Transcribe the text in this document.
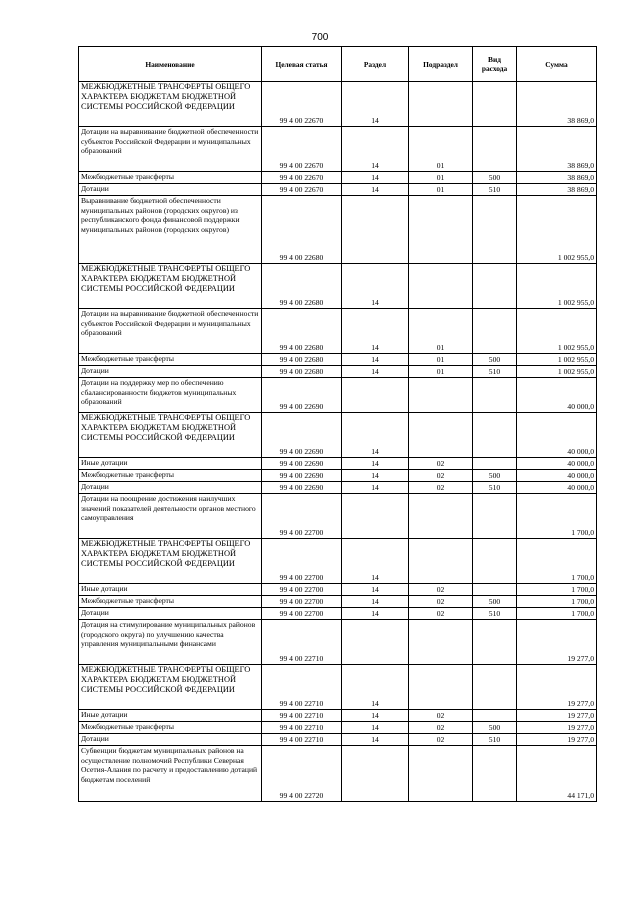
700
Наименование	Целевая статья	Раздел	Подраздел	Вид расхода	Сумма
МЕЖБЮДЖЕТНЫЕ ТРАНСФЕРТЫ ОБЩЕГО ХАРАКТЕРА БЮДЖЕТАМ БЮДЖЕТНОЙ СИСТЕМЫ РОССИЙСКОЙ ФЕДЕРАЦИИ	99 4 00 22670	14			38 869,0
Дотации на выравнивание бюджетной обеспеченности субъектов Российской Федерации и муниципальных образований	99 4 00 22670	14	01		38 869,0
Межбюджетные трансферты	99 4 00 22670	14	01	500	38 869,0
Дотации	99 4 00 22670	14	01	510	38 869,0
Выравнивание бюджетной обеспеченности муниципальных районов (городских округов) из республиканского фонда финансовой поддержки муниципальных районов (городских округов)	99 4 00 22680				1 002 955,0
МЕЖБЮДЖЕТНЫЕ ТРАНСФЕРТЫ ОБЩЕГО ХАРАКТЕРА БЮДЖЕТАМ БЮДЖЕТНОЙ СИСТЕМЫ РОССИЙСКОЙ ФЕДЕРАЦИИ	99 4 00 22680	14			1 002 955,0
Дотации на выравнивание бюджетной обеспеченности субъектов Российской Федерации и муниципальных образований	99 4 00 22680	14	01		1 002 955,0
Межбюджетные трансферты	99 4 00 22680	14	01	500	1 002 955,0
Дотации	99 4 00 22680	14	01	510	1 002 955,0
Дотации на поддержку мер по обеспечению сбалансированности бюджетов муниципальных образований	99 4 00 22690				40 000,0
МЕЖБЮДЖЕТНЫЕ ТРАНСФЕРТЫ ОБЩЕГО ХАРАКТЕРА БЮДЖЕТАМ БЮДЖЕТНОЙ СИСТЕМЫ РОССИЙСКОЙ ФЕДЕРАЦИИ	99 4 00 22690	14			40 000,0
Иные дотации	99 4 00 22690	14	02		40 000,0
Межбюджетные трансферты	99 4 00 22690	14	02	500	40 000,0
Дотации	99 4 00 22690	14	02	510	40 000,0
Дотации на поощрение достижения наилучших значений показателей деятельности органов местного самоуправления	99 4 00 22700				1 700,0
МЕЖБЮДЖЕТНЫЕ ТРАНСФЕРТЫ ОБЩЕГО ХАРАКТЕРА БЮДЖЕТАМ БЮДЖЕТНОЙ СИСТЕМЫ РОССИЙСКОЙ ФЕДЕРАЦИИ	99 4 00 22700	14			1 700,0
Иные дотации	99 4 00 22700	14	02		1 700,0
Межбюджетные трансферты	99 4 00 22700	14	02	500	1 700,0
Дотации	99 4 00 22700	14	02	510	1 700,0
Дотация на стимулирование муниципальных районов (городского округа) по улучшению качества управления муниципальными финансами	99 4 00 22710				19 277,0
МЕЖБЮДЖЕТНЫЕ ТРАНСФЕРТЫ ОБЩЕГО ХАРАКТЕРА БЮДЖЕТАМ БЮДЖЕТНОЙ СИСТЕМЫ РОССИЙСКОЙ ФЕДЕРАЦИИ	99 4 00 22710	14			19 277,0
Иные дотации	99 4 00 22710	14	02		19 277,0
Межбюджетные трансферты	99 4 00 22710	14	02	500	19 277,0
Дотации	99 4 00 22710	14	02	510	19 277,0
Субвенции бюджетам муниципальных районов на осуществление полномочий Республики Северная Осетия-Алания по расчету и предоставлению дотаций бюджетам поселений	99 4 00 22720				44 171,0
